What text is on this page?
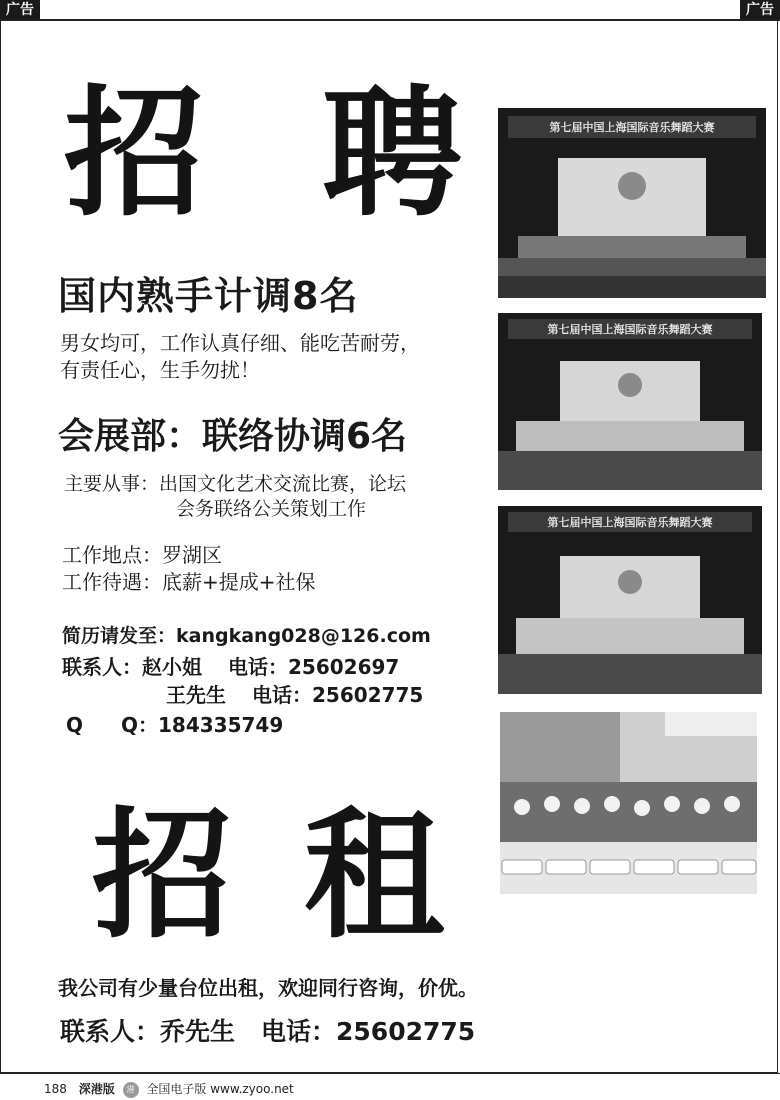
广告	广告
招 聘
国内熟手计调8名
男女均可，工作认真仔细、能吃苦耐劳，
有责任心，生手勿扰！
会展部：联络协调6名
主要从事：出国文化艺术交流比赛，论坛
会务联络公关策划工作
工作地点：罗湖区
工作待遇：底薪+提成+社保
简历请发至：kangkang028@126.com
联系人：赵小姐 电话：25602697
王先生 电话：25602775
Q Q：184335749
第七届中国上海国际音乐舞蹈大赛
第七届中国上海国际音乐舞蹈大赛
第七届中国上海国际音乐舞蹈大赛
招 租
我公司有少量台位出租，欢迎同行咨询，价优。
联系人：乔先生 电话：25602775
188 深港版 港 全国电子版 www.zyoo.net
